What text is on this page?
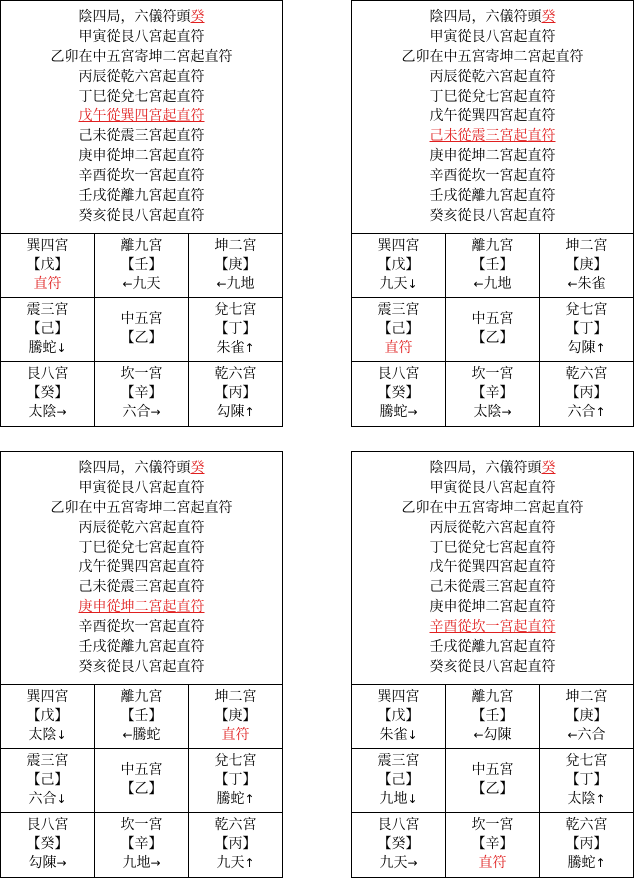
陰四局，六儀符頭癸
甲寅從艮八宮起直符
乙卯在中五宮寄坤二宮起直符
丙辰從乾六宮起直符
丁巳從兌七宮起直符
戊午從巽四宮起直符
己未從震三宮起直符
庚申從坤二宮起直符
辛酉從坎一宮起直符
壬戌從離九宮起直符
癸亥從艮八宮起直符
巽四宮
【戊】
直符
離九宮
【壬】
←九天
坤二宮
【庚】
←九地
震三宮
【己】
騰蛇↓
中五宮
【乙】
兌七宮
【丁】
朱雀↑
艮八宮
【癸】
太陰→
坎一宮
【辛】
六合→
乾六宮
【丙】
勾陳↑
陰四局，六儀符頭癸
甲寅從艮八宮起直符
乙卯在中五宮寄坤二宮起直符
丙辰從乾六宮起直符
丁巳從兌七宮起直符
戊午從巽四宮起直符
己未從震三宮起直符
庚申從坤二宮起直符
辛酉從坎一宮起直符
壬戌從離九宮起直符
癸亥從艮八宮起直符
巽四宮
【戊】
九天↓
離九宮
【壬】
←九地
坤二宮
【庚】
←朱雀
震三宮
【己】
直符
中五宮
【乙】
兌七宮
【丁】
勾陳↑
艮八宮
【癸】
騰蛇→
坎一宮
【辛】
太陰→
乾六宮
【丙】
六合↑
陰四局，六儀符頭癸
甲寅從艮八宮起直符
乙卯在中五宮寄坤二宮起直符
丙辰從乾六宮起直符
丁巳從兌七宮起直符
戊午從巽四宮起直符
己未從震三宮起直符
庚申從坤二宮起直符
辛酉從坎一宮起直符
壬戌從離九宮起直符
癸亥從艮八宮起直符
巽四宮
【戊】
太陰↓
離九宮
【壬】
←騰蛇
坤二宮
【庚】
直符
震三宮
【己】
六合↓
中五宮
【乙】
兌七宮
【丁】
騰蛇↑
艮八宮
【癸】
勾陳→
坎一宮
【辛】
九地→
乾六宮
【丙】
九天↑
陰四局，六儀符頭癸
甲寅從艮八宮起直符
乙卯在中五宮寄坤二宮起直符
丙辰從乾六宮起直符
丁巳從兌七宮起直符
戊午從巽四宮起直符
己未從震三宮起直符
庚申從坤二宮起直符
辛酉從坎一宮起直符
壬戌從離九宮起直符
癸亥從艮八宮起直符
巽四宮
【戊】
朱雀↓
離九宮
【壬】
←勾陳
坤二宮
【庚】
←六合
震三宮
【己】
九地↓
中五宮
【乙】
兌七宮
【丁】
太陰↑
艮八宮
【癸】
九天→
坎一宮
【辛】
直符
乾六宮
【丙】
騰蛇↑
